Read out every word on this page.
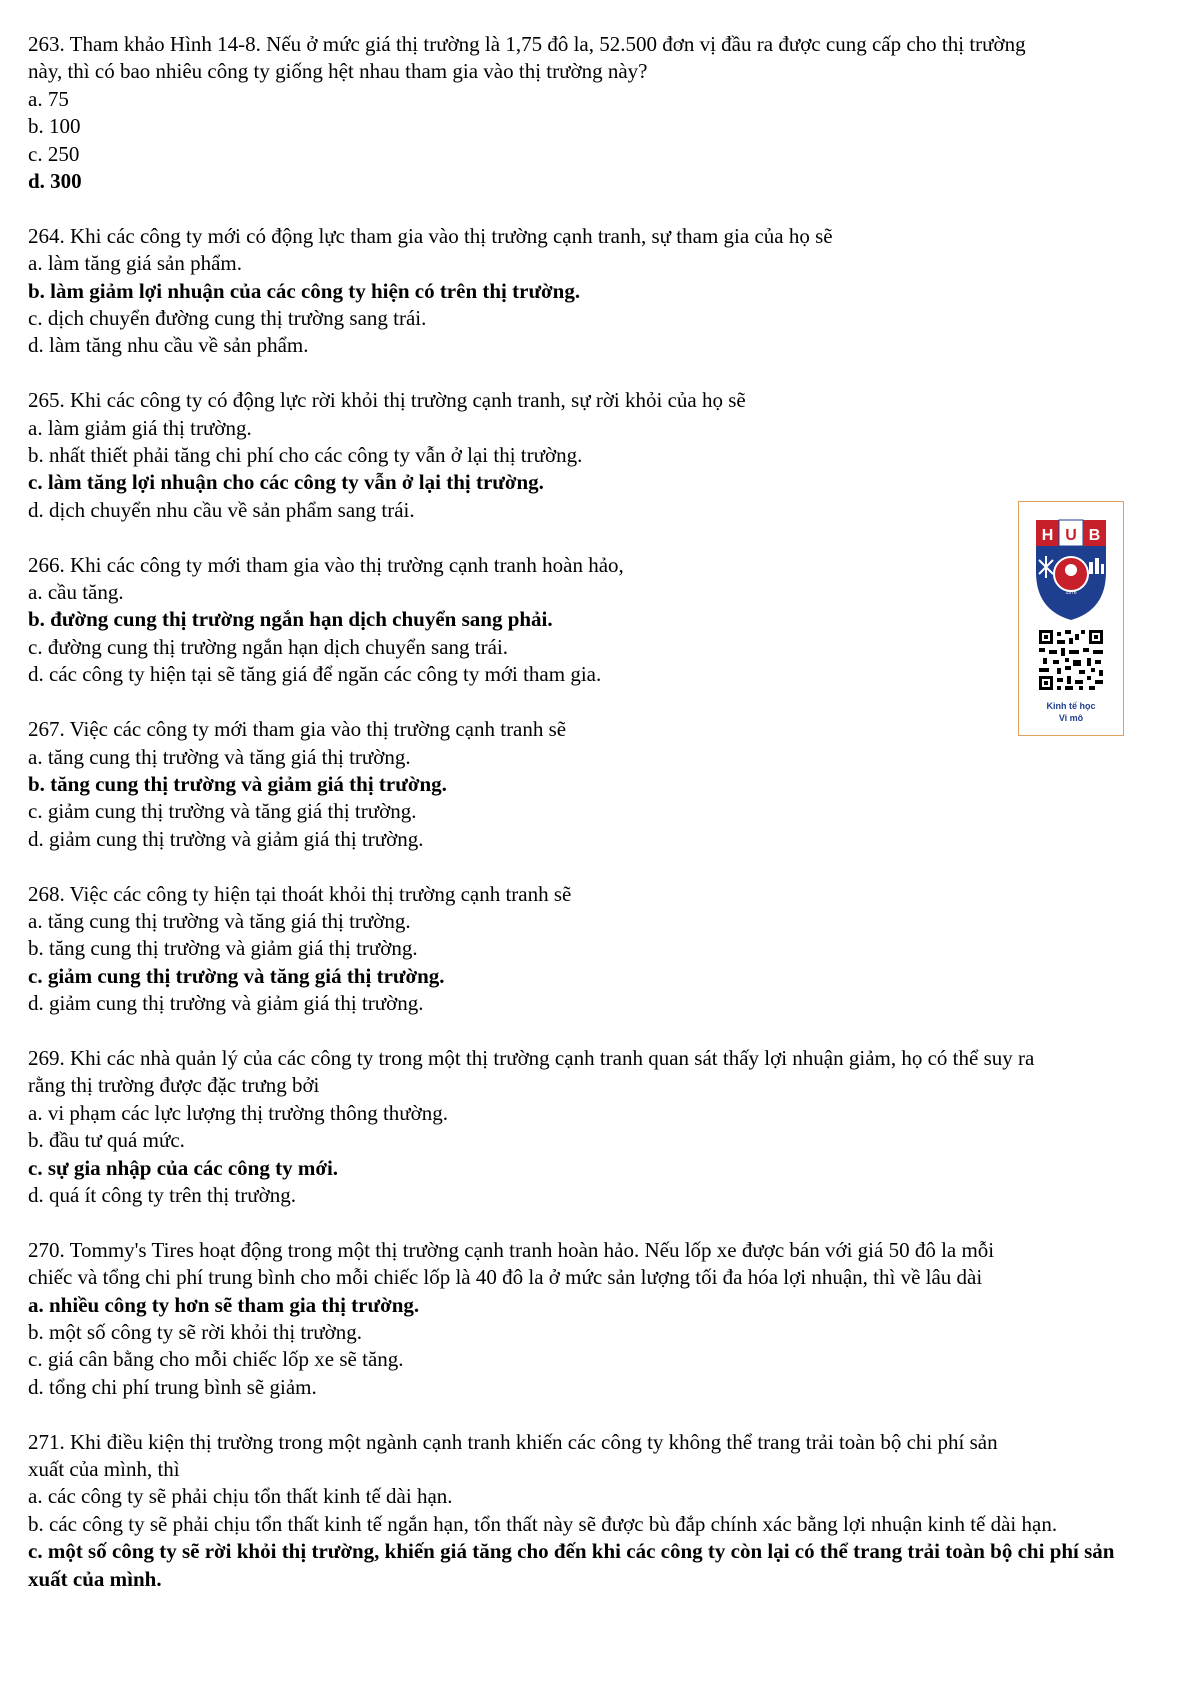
263. Tham khảo Hình 14-8. Nếu ở mức giá thị trường là 1,75 đô la, 52.500 đơn vị đầu ra được cung cấp cho thị trường
này, thì có bao nhiêu công ty giống hệt nhau tham gia vào thị trường này?
a. 75
b. 100
c. 250
d. 300
264. Khi các công ty mới có động lực tham gia vào thị trường cạnh tranh, sự tham gia của họ sẽ
a. làm tăng giá sản phẩm.
b. làm giảm lợi nhuận của các công ty hiện có trên thị trường.
c. dịch chuyển đường cung thị trường sang trái.
d. làm tăng nhu cầu về sản phẩm.
265. Khi các công ty có động lực rời khỏi thị trường cạnh tranh, sự rời khỏi của họ sẽ
a. làm giảm giá thị trường.
b. nhất thiết phải tăng chi phí cho các công ty vẫn ở lại thị trường.
c. làm tăng lợi nhuận cho các công ty vẫn ở lại thị trường.
d. dịch chuyển nhu cầu về sản phẩm sang trái.
266. Khi các công ty mới tham gia vào thị trường cạnh tranh hoàn hảo,
a. cầu tăng.
b. đường cung thị trường ngắn hạn dịch chuyển sang phải.
c. đường cung thị trường ngắn hạn dịch chuyển sang trái.
d. các công ty hiện tại sẽ tăng giá để ngăn các công ty mới tham gia.
267. Việc các công ty mới tham gia vào thị trường cạnh tranh sẽ
a. tăng cung thị trường và tăng giá thị trường.
b. tăng cung thị trường và giảm giá thị trường.
c. giảm cung thị trường và tăng giá thị trường.
d. giảm cung thị trường và giảm giá thị trường.
268. Việc các công ty hiện tại thoát khỏi thị trường cạnh tranh sẽ
a. tăng cung thị trường và tăng giá thị trường.
b. tăng cung thị trường và giảm giá thị trường.
c. giảm cung thị trường và tăng giá thị trường.
d. giảm cung thị trường và giảm giá thị trường.
269. Khi các nhà quản lý của các công ty trong một thị trường cạnh tranh quan sát thấy lợi nhuận giảm, họ có thể suy ra
rằng thị trường được đặc trưng bởi
a. vi phạm các lực lượng thị trường thông thường.
b. đầu tư quá mức.
c. sự gia nhập của các công ty mới.
d. quá ít công ty trên thị trường.
270. Tommy's Tires hoạt động trong một thị trường cạnh tranh hoàn hảo. Nếu lốp xe được bán với giá 50 đô la mỗi
chiếc và tổng chi phí trung bình cho mỗi chiếc lốp là 40 đô la ở mức sản lượng tối đa hóa lợi nhuận, thì về lâu dài
a. nhiều công ty hơn sẽ tham gia thị trường.
b. một số công ty sẽ rời khỏi thị trường.
c. giá cân bằng cho mỗi chiếc lốp xe sẽ tăng.
d. tổng chi phí trung bình sẽ giảm.
271. Khi điều kiện thị trường trong một ngành cạnh tranh khiến các công ty không thể trang trải toàn bộ chi phí sản
xuất của mình, thì
a. các công ty sẽ phải chịu tổn thất kinh tế dài hạn.
b. các công ty sẽ phải chịu tổn thất kinh tế ngắn hạn, tổn thất này sẽ được bù đắp chính xác bằng lợi nhuận kinh tế dài hạn.
c. một số công ty sẽ rời khỏi thị trường, khiến giá tăng cho đến khi các công ty còn lại có thể trang trải toàn bộ chi phí sản xuất của mình.
H U B
1976
Kinh tế học
Vi mô
